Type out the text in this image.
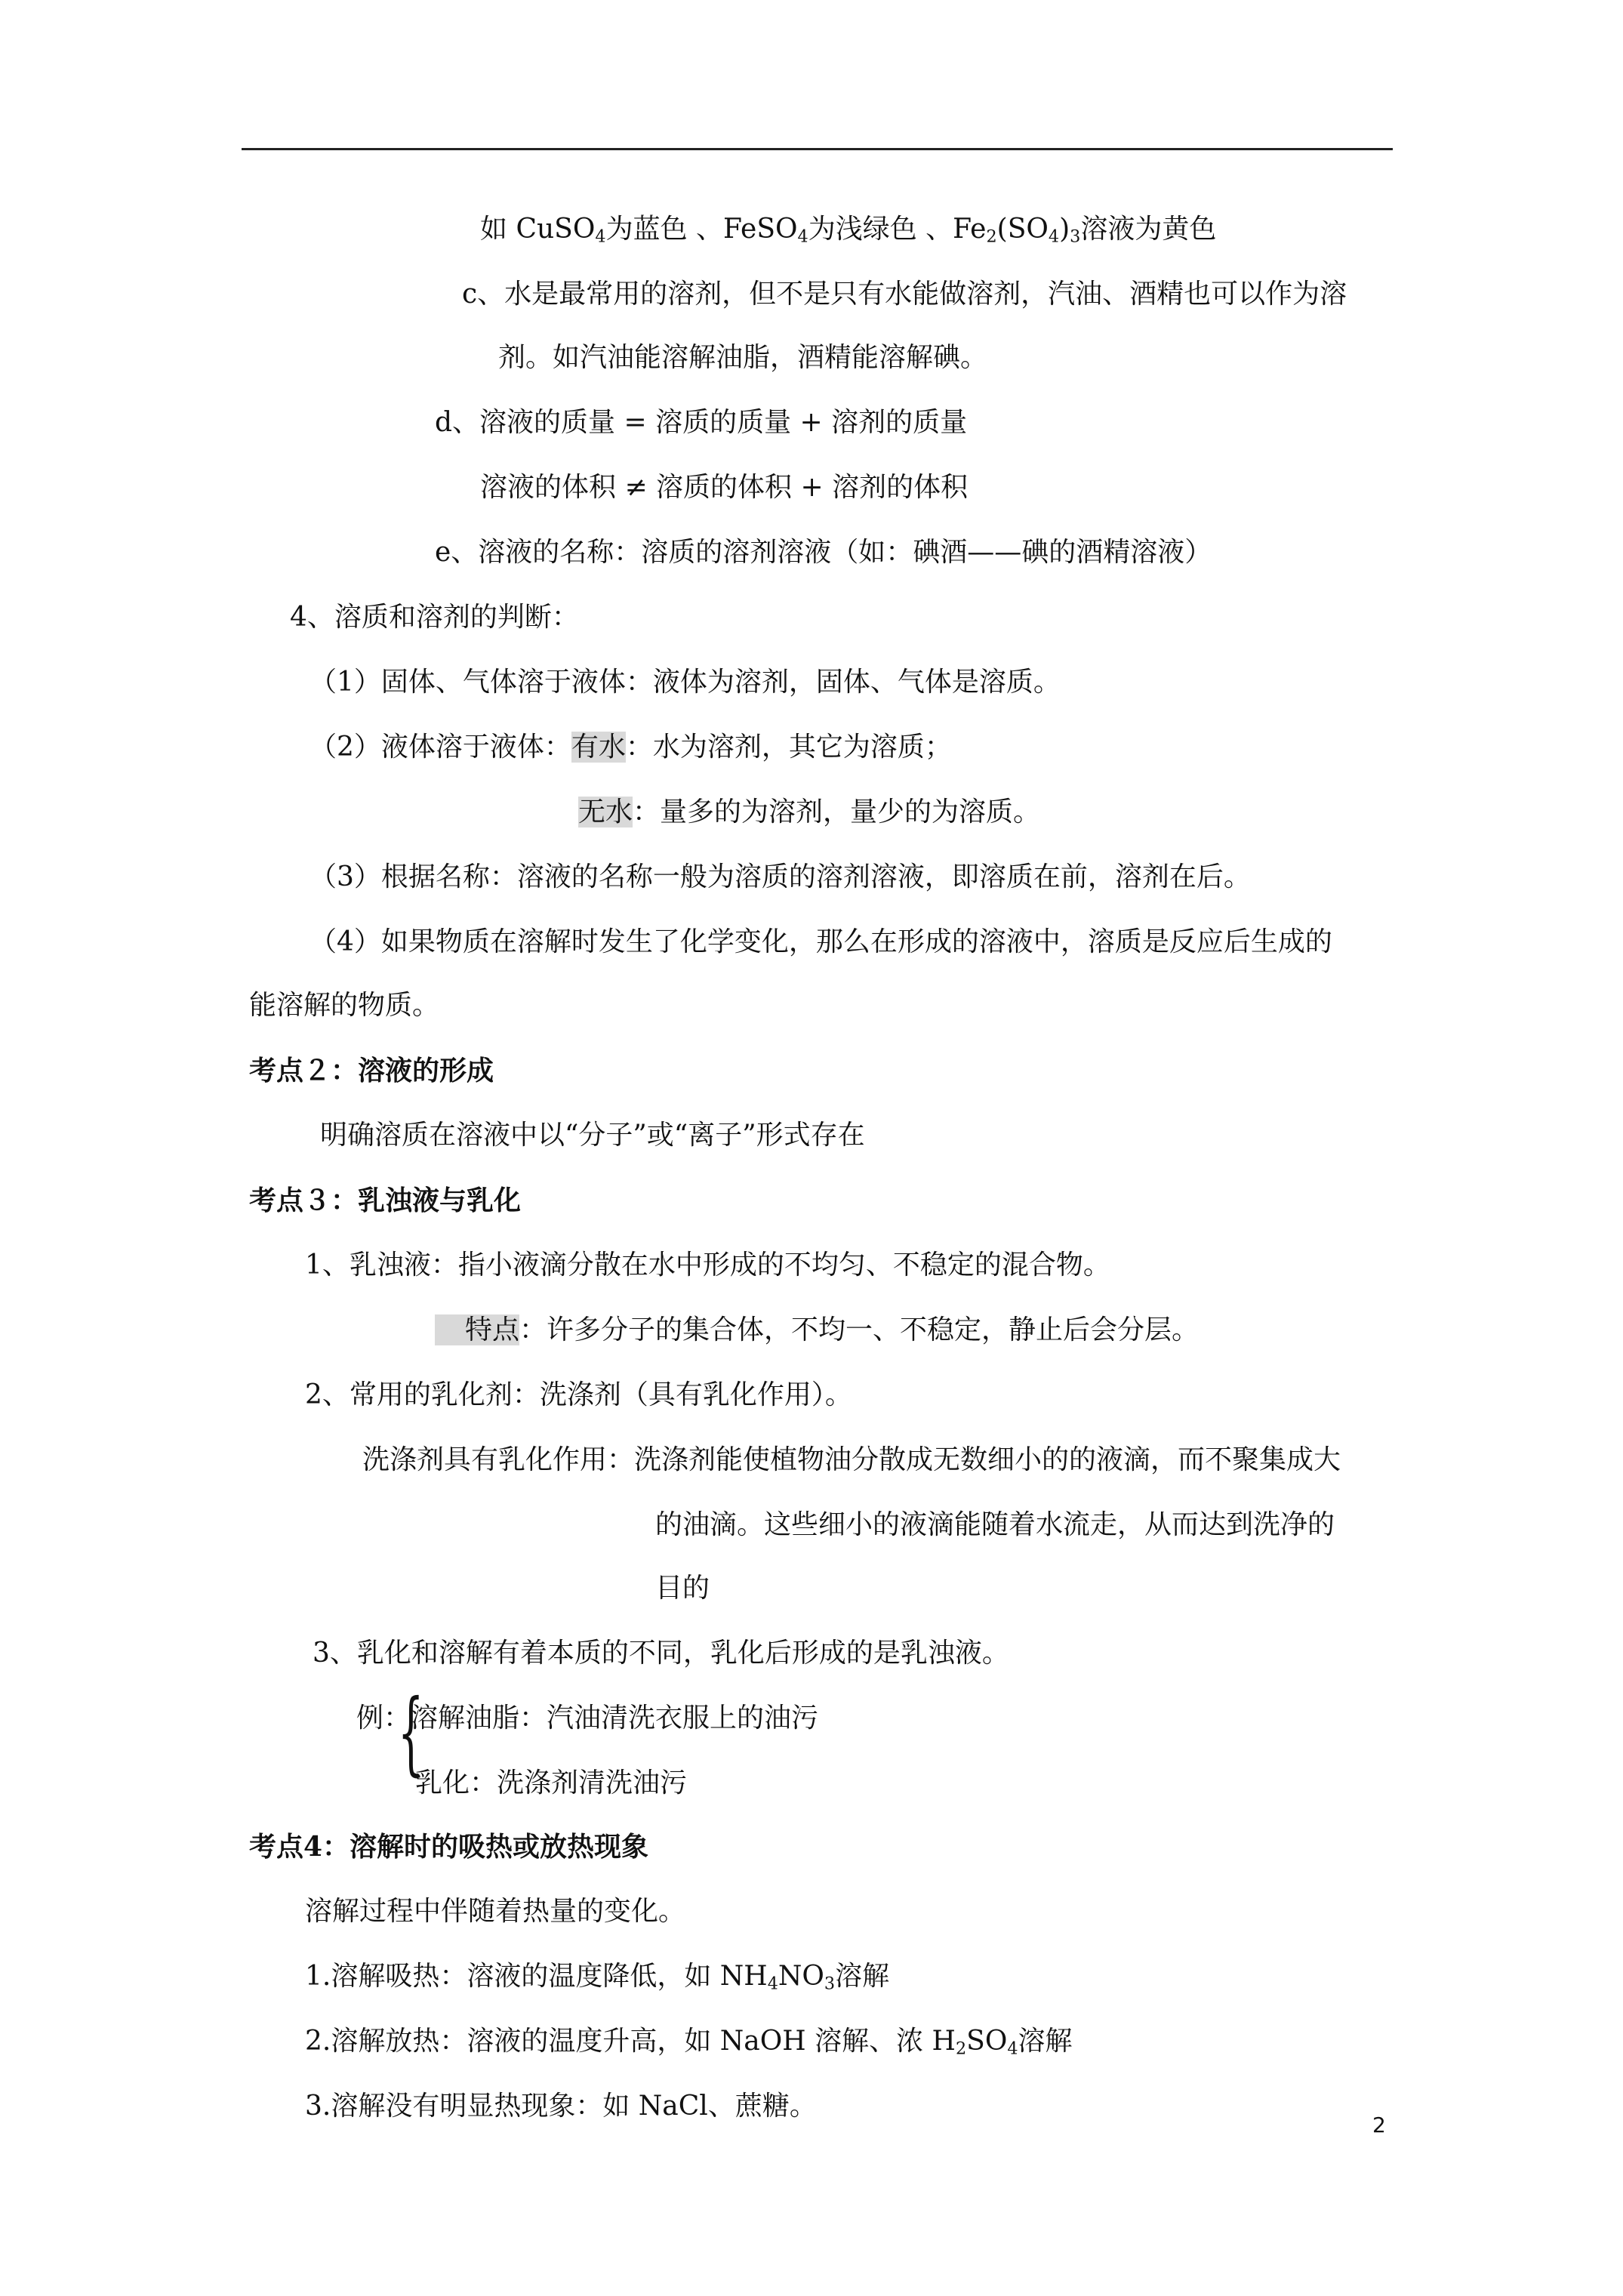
如 CuSO$_4$为蓝色 、FeSO$_4$为浅绿色 、$Fe_2(SO_4)_3$溶液为黄色
c、水是最常用的溶剂，但不是只有水能做溶剂，汽油、酒精也可以作为溶
剂。如汽油能溶解油脂，酒精能溶解碘。
d、溶液的质量 = 溶质的质量 + 溶剂的质量
溶液的体积 ≠ 溶质的体积 + 溶剂的体积
e、溶液的名称：溶质的溶剂溶液（如：碘酒——碘的酒精溶液）
4、溶质和溶剂的判断：
（1）固体、气体溶于液体：液体为溶剂，固体、气体是溶质。
（2）液体溶于液体：有水：水为溶剂，其它为溶质；
无水：量多的为溶剂，量少的为溶质。
（3）根据名称：溶液的名称一般为溶质的溶剂溶液，即溶质在前，溶剂在后。
（4）如果物质在溶解时发生了化学变化，那么在形成的溶液中，溶质是反应后生成的
能溶解的物质。
考点２：溶液的形成
明确溶质在溶液中以“分子”或“离子”形式存在
考点３：乳浊液与乳化
1、乳浊液：指小液滴分散在水中形成的不均匀、不稳定的混合物。
特点：许多分子的集合体，不均一、不稳定，静止后会分层。
2、常用的乳化剂：洗涤剂（具有乳化作用）。
洗涤剂具有乳化作用：洗涤剂能使植物油分散成无数细小的的液滴，而不聚集成大
的油滴。这些细小的液滴能随着水流走，从而达到洗净的
目的
3、乳化和溶解有着本质的不同，乳化后形成的是乳浊液。
例：溶解油脂：汽油清洗衣服上的油污
{
乳化：洗涤剂清洗油污
考点4：溶解时的吸热或放热现象
溶解过程中伴随着热量的变化。
1.溶解吸热：溶液的温度降低，如 $NH_4NO_3$溶解
2.溶解放热：溶液的温度升高，如 NaOH 溶解、浓 $H_2SO_4$溶解
3.溶解没有明显热现象：如 NaCl、蔗糖。
2
